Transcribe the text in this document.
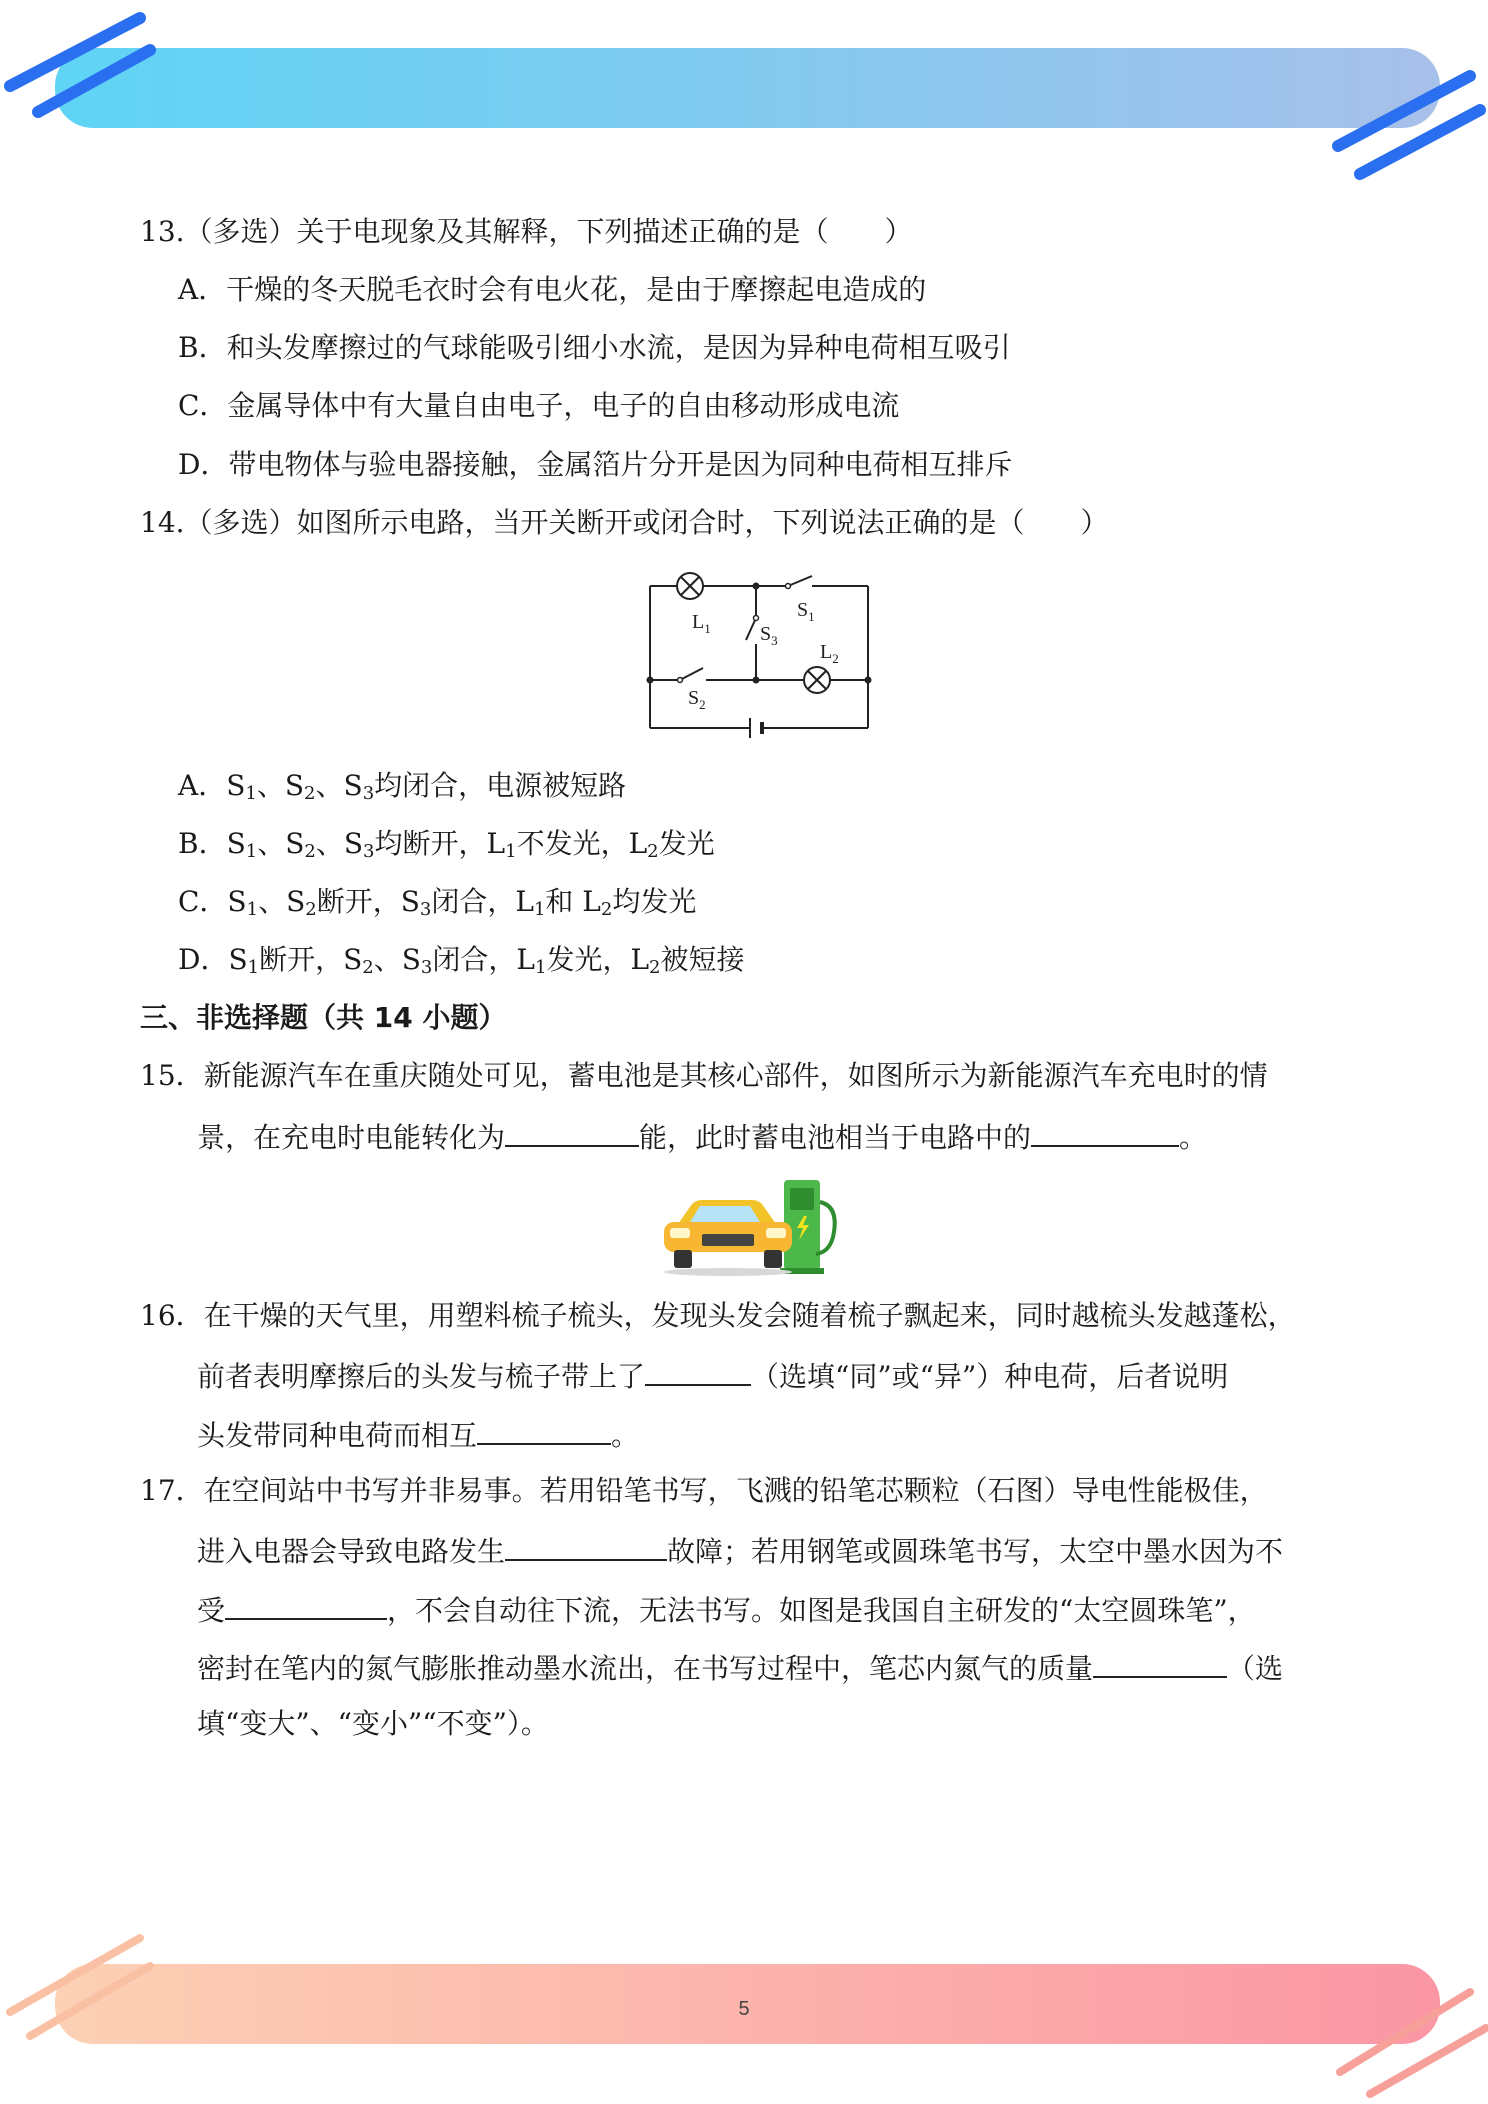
13.（多选）关于电现象及其解释，下列描述正确的是（　　）
A．干燥的冬天脱毛衣时会有电火花，是由于摩擦起电造成的
B．和头发摩擦过的气球能吸引细小水流，是因为异种电荷相互吸引
C．金属导体中有大量自由电子，电子的自由移动形成电流
D．带电物体与验电器接触，金属箔片分开是因为同种电荷相互排斥
14.（多选）如图所示电路，当开关断开或闭合时，下列说法正确的是（　　）
$L_1$
$S_1$
$S_3$
$L_2$
$S_2$
A．$S_1$、$S_2$、$S_3$均闭合，电源被短路
B．$S_1$、$S_2$、$S_3$均断开，$L_1$不发光，$L_2$发光
C．$S_1$、$S_2$断开，$S_3$闭合，$L_1$和 $L_2$均发光
D．$S_1$断开，$S_2$、$S_3$闭合，$L_1$发光，$L_2$被短接
三、非选择题（共 14 小题）
15．新能源汽车在重庆随处可见，蓄电池是其核心部件，如图所示为新能源汽车充电时的情
景，在充电时电能转化为	能，此时蓄电池相当于电路中的	。
16．在干燥的天气里，用塑料梳子梳头，发现头发会随着梳子飘起来，同时越梳头发越蓬松，
前者表明摩擦后的头发与梳子带上了	（选填“同”或“异”）种电荷，后者说明
头发带同种电荷而相互	。
17．在空间站中书写并非易事。若用铅笔书写，飞溅的铅笔芯颗粒（石图）导电性能极佳，
进入电器会导致电路发生	故障；若用钢笔或圆珠笔书写，太空中墨水因为不
受	，不会自动往下流，无法书写。如图是我国自主研发的“太空圆珠笔”，
密封在笔内的氮气膨胀推动墨水流出，在书写过程中，笔芯内氮气的质量	（选
填“变大”、“变小”“不变”）。
5
